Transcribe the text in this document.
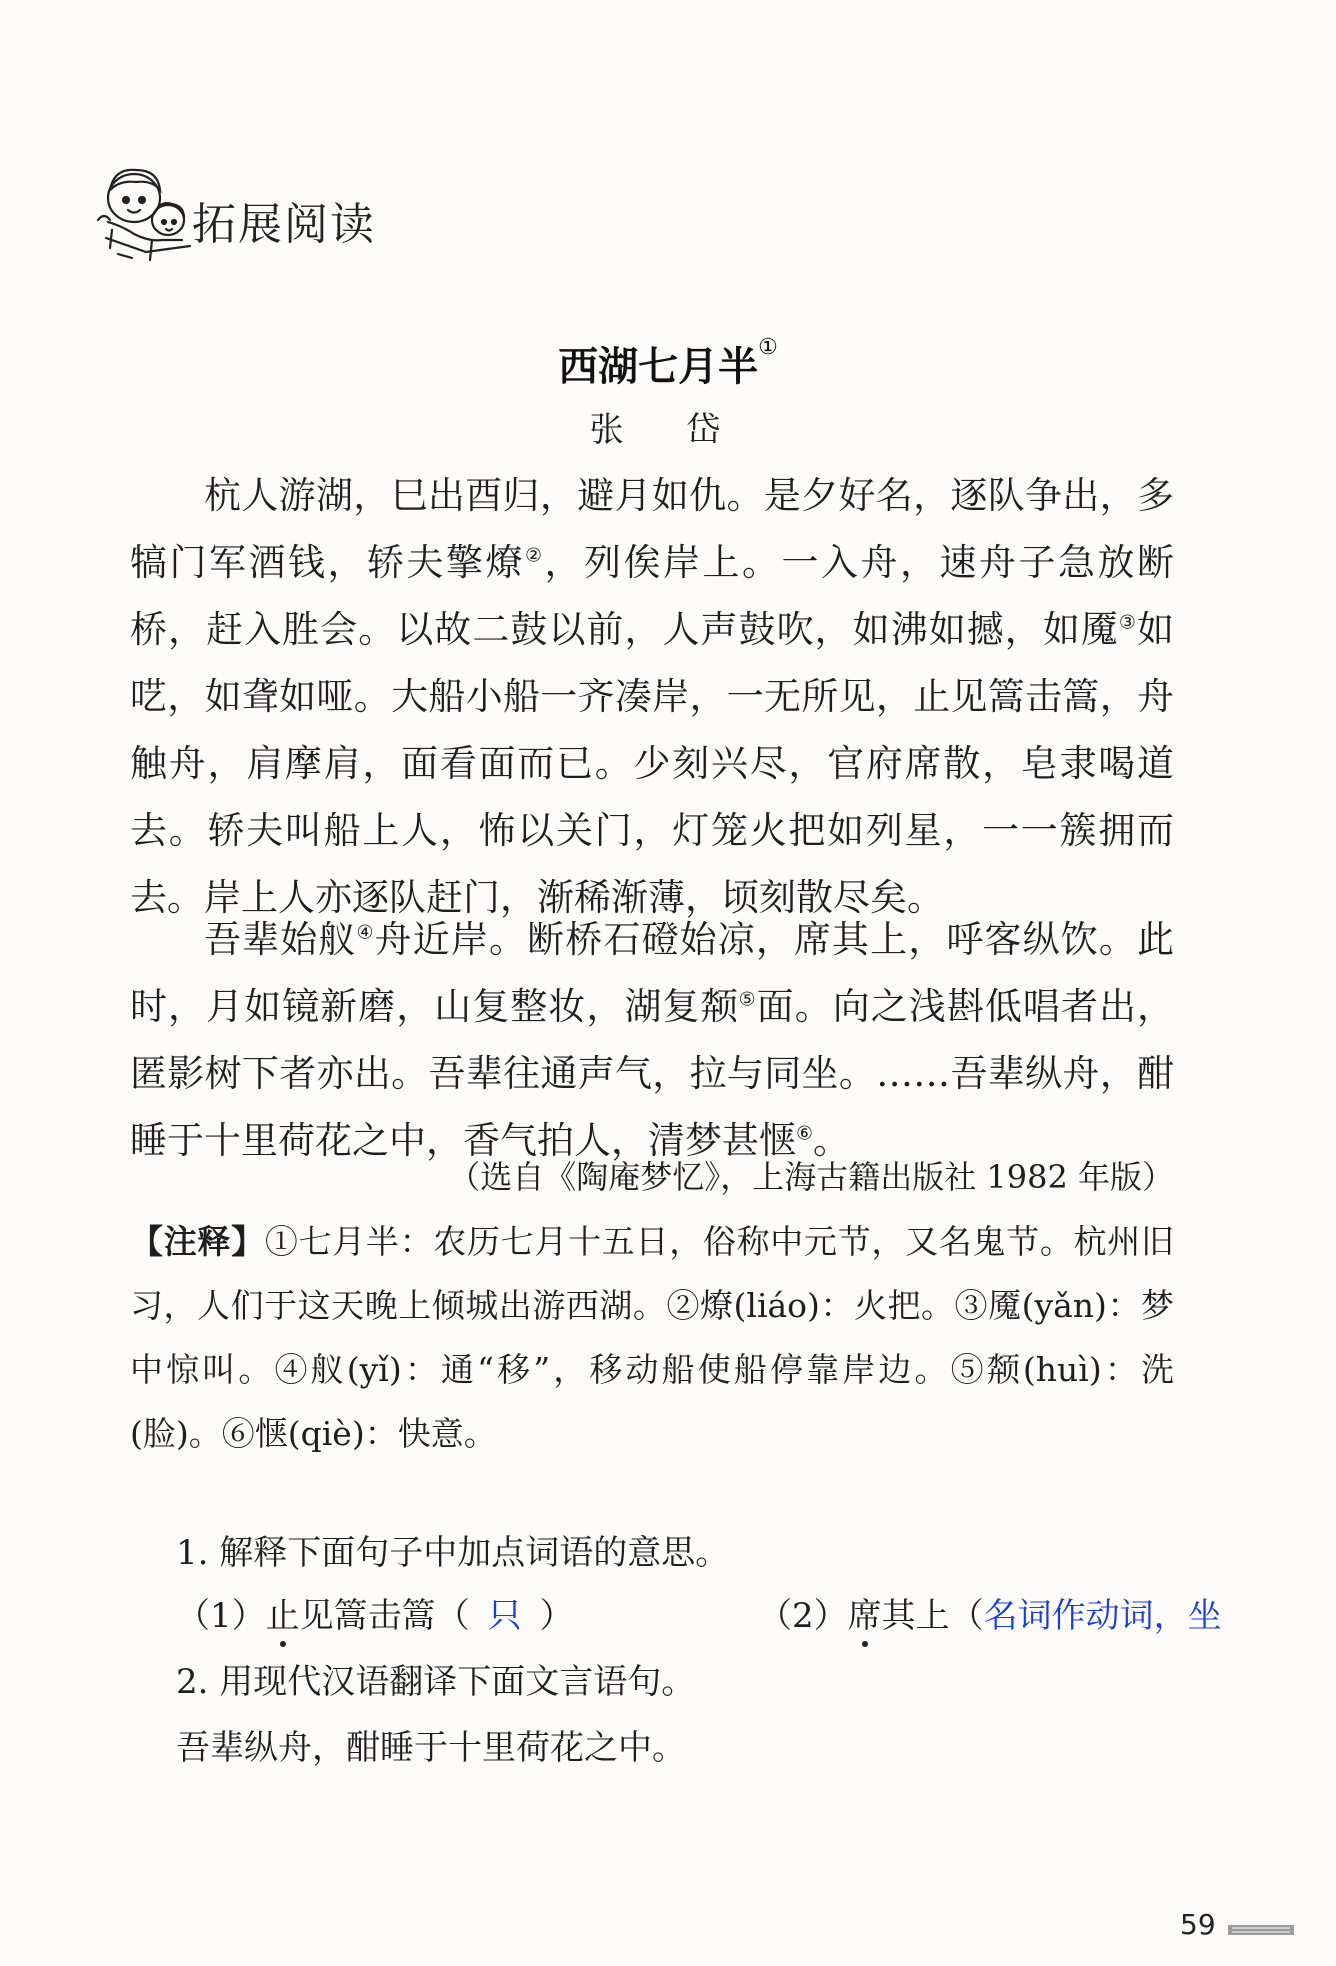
拓展阅读
西湖七月半①
张 岱

杭人游湖，巳出酉归，避月如仇。是夕好名，逐队争出，多犒门军酒钱，轿夫擎燎②，列俟岸上。一入舟，速舟子急放断桥，赶入胜会。以故二鼓以前，人声鼓吹，如沸如撼，如魇③如呓，如聋如哑。大船小船一齐凑岸，一无所见，止见篙击篙，舟触舟，肩摩肩，面看面而已。少刻兴尽，官府席散，皂隶喝道去。轿夫叫船上人，怖以关门，灯笼火把如列星，一一簇拥而去。岸上人亦逐队赶门，渐稀渐薄，顷刻散尽矣。

吾辈始舣④舟近岸。断桥石磴始凉，席其上，呼客纵饮。此时，月如镜新磨，山复整妆，湖复颒⑤面。向之浅斟低唱者出，匿影树下者亦出。吾辈往通声气，拉与同坐。……吾辈纵舟，酣睡于十里荷花之中，香气拍人，清梦甚惬⑥。

（选自《陶庵梦忆》，上海古籍出版社 1982 年版）

【注释】①七月半：农历七月十五日，俗称中元节，又名鬼节。杭州旧习，人们于这天晚上倾城出游西湖。②燎(liáo)：火把。③魇(yǎn)：梦中惊叫。④舣(yǐ)：通“移”，移动船使船停靠岸边。⑤颒(huì)：洗(脸)。⑥惬(qiè)：快意。

1. 解释下面句子中加点词语的意思。
（1）止见篙击篙（ 只 ）	（2）席其上（名词作动词，坐
2. 用现代汉语翻译下面文言语句。
吾辈纵舟，酣睡于十里荷花之中。
59
